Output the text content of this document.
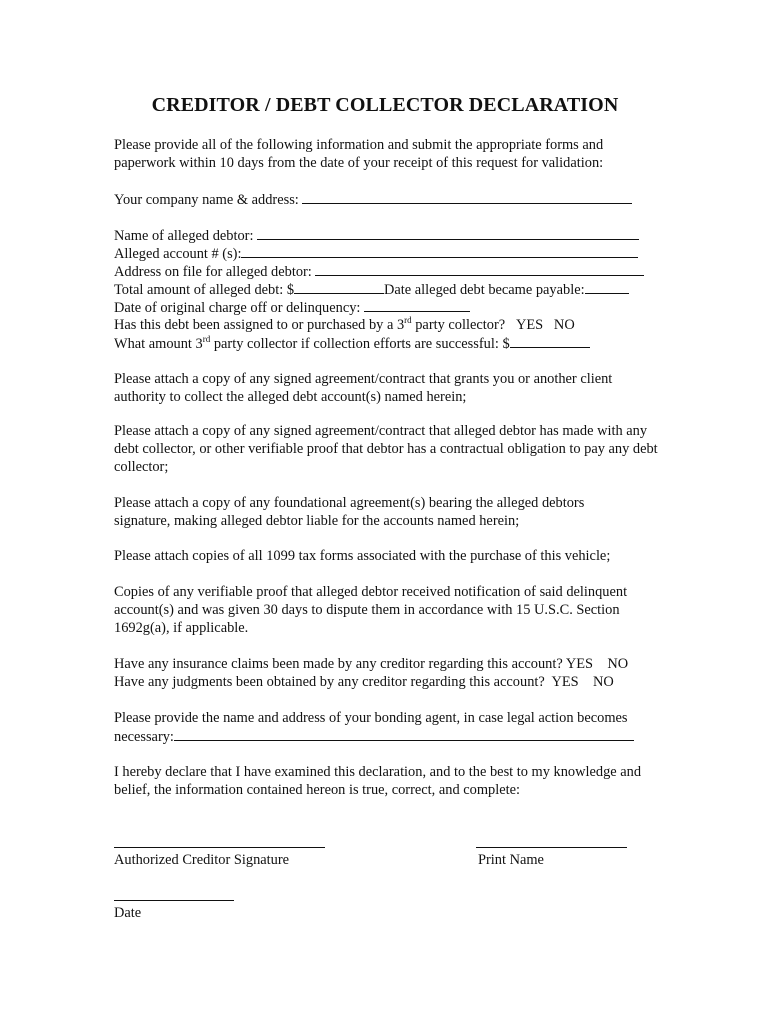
CREDITOR / DEBT COLLECTOR DECLARATION
Please provide all of the following information and submit the appropriate forms and paperwork within 10 days from the date of your receipt of this request for validation:
Your company name & address:
Name of alleged debtor:
Alleged account # (s):
Address on file for alleged debtor:
Total amount of alleged debt: $	Date alleged debt became payable:
Date of original charge off or delinquency:
Has this debt been assigned to or purchased by a 3rd party collector? YES NO
What amount 3rd party collector if collection efforts are successful: $
Please attach a copy of any signed agreement/contract that grants you or another client authority to collect the alleged debt account(s) named herein;
Please attach a copy of any signed agreement/contract that alleged debtor has made with any debt collector, or other verifiable proof that debtor has a contractual obligation to pay any debt collector;
Please attach a copy of any foundational agreement(s) bearing the alleged debtors signature, making alleged debtor liable for the accounts named herein;
Please attach copies of all 1099 tax forms associated with the purchase of this vehicle;
Copies of any verifiable proof that alleged debtor received notification of said delinquent account(s) and was given 30 days to dispute them in accordance with 15 U.S.C. Section 1692g(a), if applicable.
Have any insurance claims been made by any creditor regarding this account? YES NO
Have any judgments been obtained by any creditor regarding this account? YES NO
Please provide the name and address of your bonding agent, in case legal action becomes
necessary:
I hereby declare that I have examined this declaration, and to the best to my knowledge and belief, the information contained hereon is true, correct, and complete:
Authorized Creditor Signature	Print Name
Date
